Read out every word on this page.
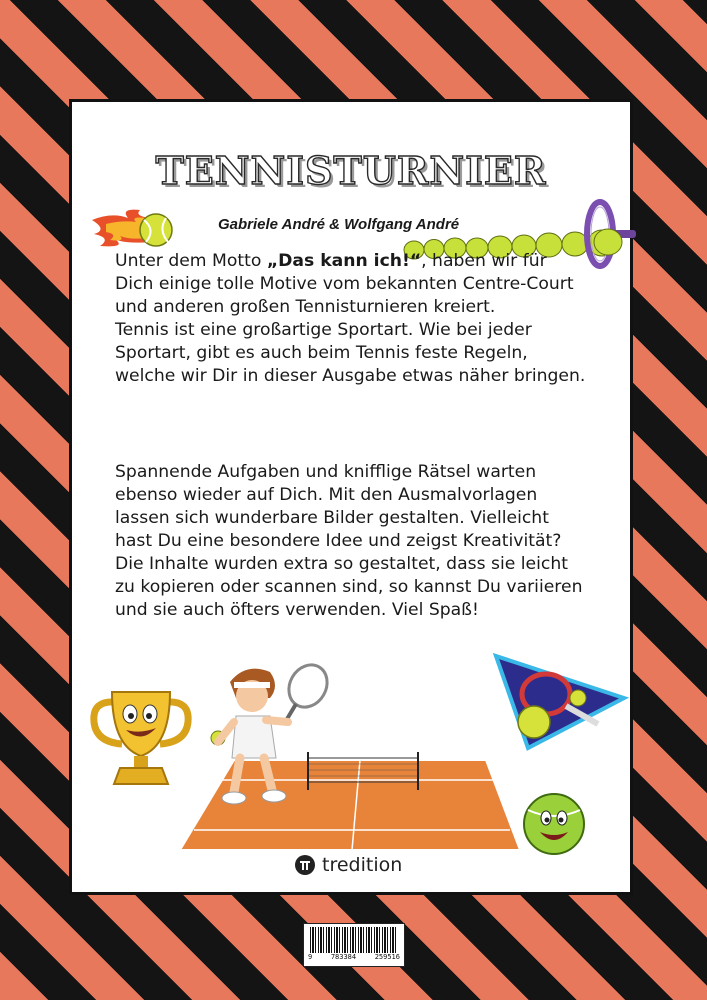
TENNISTURNIER
Gabriele André & Wolfgang André
Unter dem Motto „Das kann ich!“, haben wir für
Dich einige tolle Motive vom bekannten Centre-Court
und anderen großen Tennisturnieren kreiert.
Tennis ist eine großartige Sportart. Wie bei jeder
Sportart, gibt es auch beim Tennis feste Regeln,
welche wir Dir in dieser Ausgabe etwas näher bringen.
Spannende Aufgaben und knifflige Rätsel warten
ebenso wieder auf Dich. Mit den Ausmalvorlagen
lassen sich wunderbare Bilder gestalten. Vielleicht
hast Du eine besondere Idee und zeigst Kreativität?
Die Inhalte wurden extra so gestaltet, dass sie leicht
zu kopieren oder scannen sind, so kannst Du variieren
und sie auch öfters verwenden. Viel Spaß!
tredition
9	783384	259516
